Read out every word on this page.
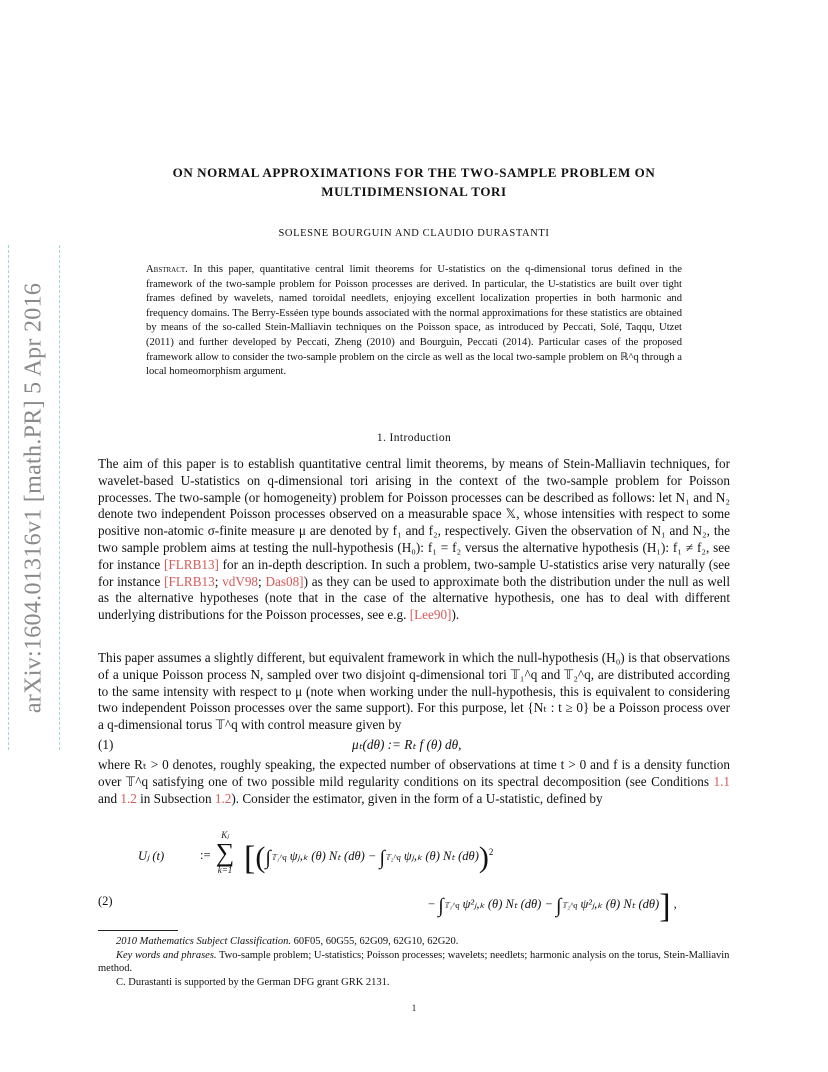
arXiv:1604.01316v1 [math.PR] 5 Apr 2016
ON NORMAL APPROXIMATIONS FOR THE TWO-SAMPLE PROBLEM ON
MULTIDIMENSIONAL TORI
SOLESNE BOURGUIN AND CLAUDIO DURASTANTI
Abstract. In this paper, quantitative central limit theorems for U-statistics on the q-dimensional torus defined in the framework of the two-sample problem for Poisson processes are derived. In particular, the U-statistics are built over tight frames defined by wavelets, named toroidal needlets, enjoying excellent localization properties in both harmonic and frequency domains. The Berry-Esséen type bounds associated with the normal approximations for these statistics are obtained by means of the so-called Stein-Malliavin techniques on the Poisson space, as introduced by Peccati, Solé, Taqqu, Utzet (2011) and further developed by Peccati, Zheng (2010) and Bourguin, Peccati (2014). Particular cases of the proposed framework allow to consider the two-sample problem on the circle as well as the local two-sample problem on ℝ^q through a local homeomorphism argument.
1. Introduction
The aim of this paper is to establish quantitative central limit theorems, by means of Stein-Malliavin techniques, for wavelet-based U-statistics on q-dimensional tori arising in the context of the two-sample problem for Poisson processes. The two-sample (or homogeneity) problem for Poisson processes can be described as follows: let N₁ and N₂ denote two independent Poisson processes observed on a measurable space 𝕏, whose intensities with respect to some positive non-atomic σ-finite measure μ are denoted by f₁ and f₂, respectively. Given the observation of N₁ and N₂, the two sample problem aims at testing the null-hypothesis (H₀): f₁ = f₂ versus the alternative hypothesis (H₁): f₁ ≠ f₂, see for instance [FLRB13] for an in-depth description. In such a problem, two-sample U-statistics arise very naturally (see for instance [FLRB13; vdV98; Das08]) as they can be used to approximate both the distribution under the null as well as the alternative hypotheses (note that in the case of the alternative hypothesis, one has to deal with different underlying distributions for the Poisson processes, see e.g. [Lee90]).
This paper assumes a slightly different, but equivalent framework in which the null-hypothesis (H₀) is that observations of a unique Poisson process N, sampled over two disjoint q-dimensional tori 𝕋₁^q and 𝕋₂^q, are distributed according to the same intensity with respect to μ (note when working under the null-hypothesis, this is equivalent to considering two independent Poisson processes over the same support). For this purpose, let {Nₜ : t ≥ 0} be a Poisson process over a q-dimensional torus 𝕋^q with control measure given by
(1)	μₜ(dθ) := Rₜ f (θ) dθ,
where Rₜ > 0 denotes, roughly speaking, the expected number of observations at time t > 0 and f is a density function over 𝕋^q satisfying one of two possible mild regularity conditions on its spectral decomposition (see Conditions 1.1 and 1.2 in Subsection 1.2). Consider the estimator, given in the form of a U-statistic, defined by
(2)
Uⱼ (t)	:=
Kⱼ
∑
k=1 [(∫𝕋₁^q ψⱼ,ₖ (θ) Nₜ (dθ) − ∫𝕋₂^q ψⱼ,ₖ (θ) Nₜ (dθ))$^2$
− ∫𝕋₁^q ψ²ⱼ,ₖ (θ) Nₜ (dθ) − ∫𝕋₂^q ψ²ⱼ,ₖ (θ) Nₜ (dθ)] ,

2010 Mathematics Subject Classification. 60F05, 60G55, 62G09, 62G10, 62G20.

Key words and phrases. Two-sample problem; U-statistics; Poisson processes; wavelets; needlets; harmonic analysis on the torus, Stein-Malliavin method.

C. Durastanti is supported by the German DFG grant GRK 2131.

1
